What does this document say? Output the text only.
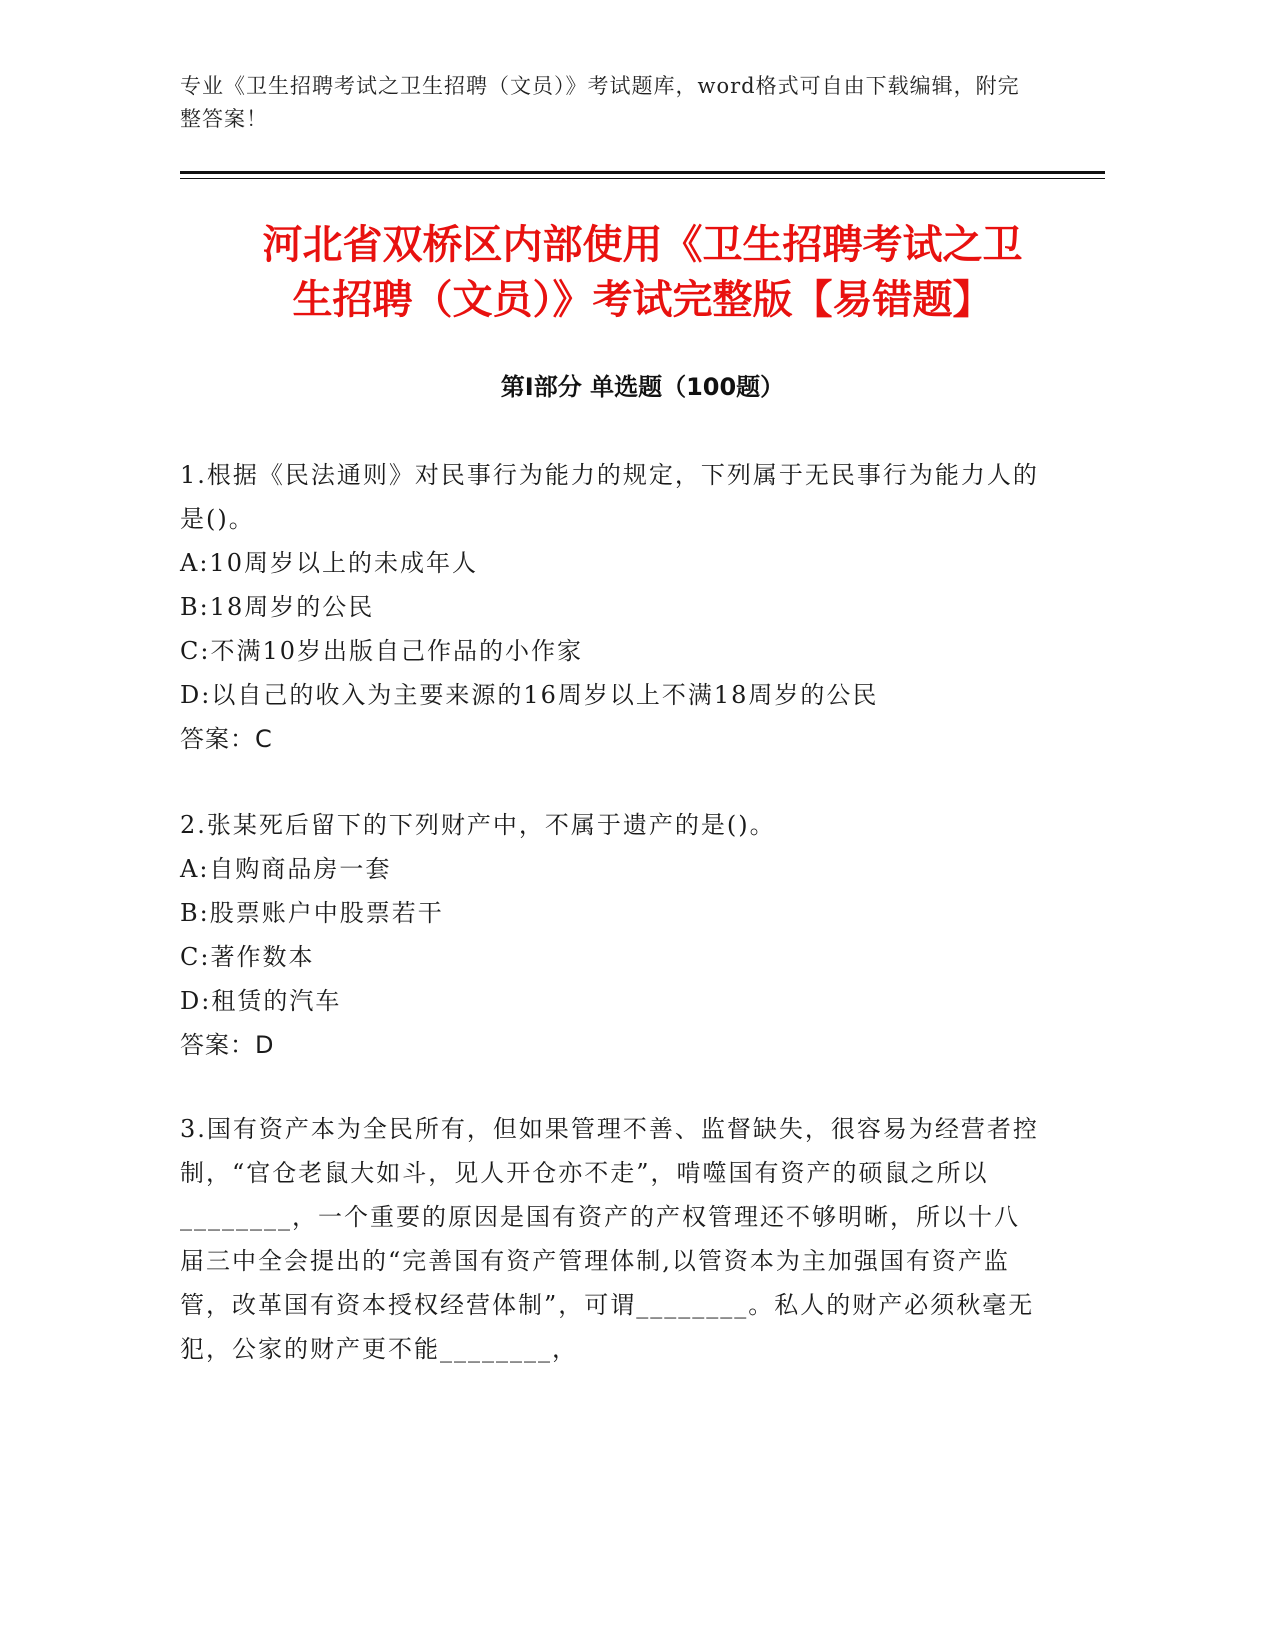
专业《卫生招聘考试之卫生招聘（文员）》考试题库，word格式可自由下载编辑，附完整答案！

河北省双桥区内部使用《卫生招聘考试之卫
生招聘（文员）》考试完整版【易错题】
第Ⅰ部分 单选题（100题）

1.根据《民法通则》对民事行为能力的规定，下列属于无民事行为能力人的是()。

A:10周岁以上的未成年人

B:18周岁的公民

C:不满10岁出版自己作品的小作家

D:以自己的收入为主要来源的16周岁以上不满18周岁的公民

答案：C

2.张某死后留下的下列财产中，不属于遗产的是()。

A:自购商品房一套

B:股票账户中股票若干

C:著作数本

D:租赁的汽车

答案：D

3.国有资产本为全民所有，但如果管理不善、监督缺失，很容易为经营者控制，“官仓老鼠大如斗，见人开仓亦不走”，啃噬国有资产的硕鼠之所以________，一个重要的原因是国有资产的产权管理还不够明晰，所以十八届三中全会提出的“完善国有资产管理体制,以管资本为主加强国有资产监管，改革国有资本授权经营体制”，可谓________。私人的财产必须秋毫无犯，公家的财产更不能________，
